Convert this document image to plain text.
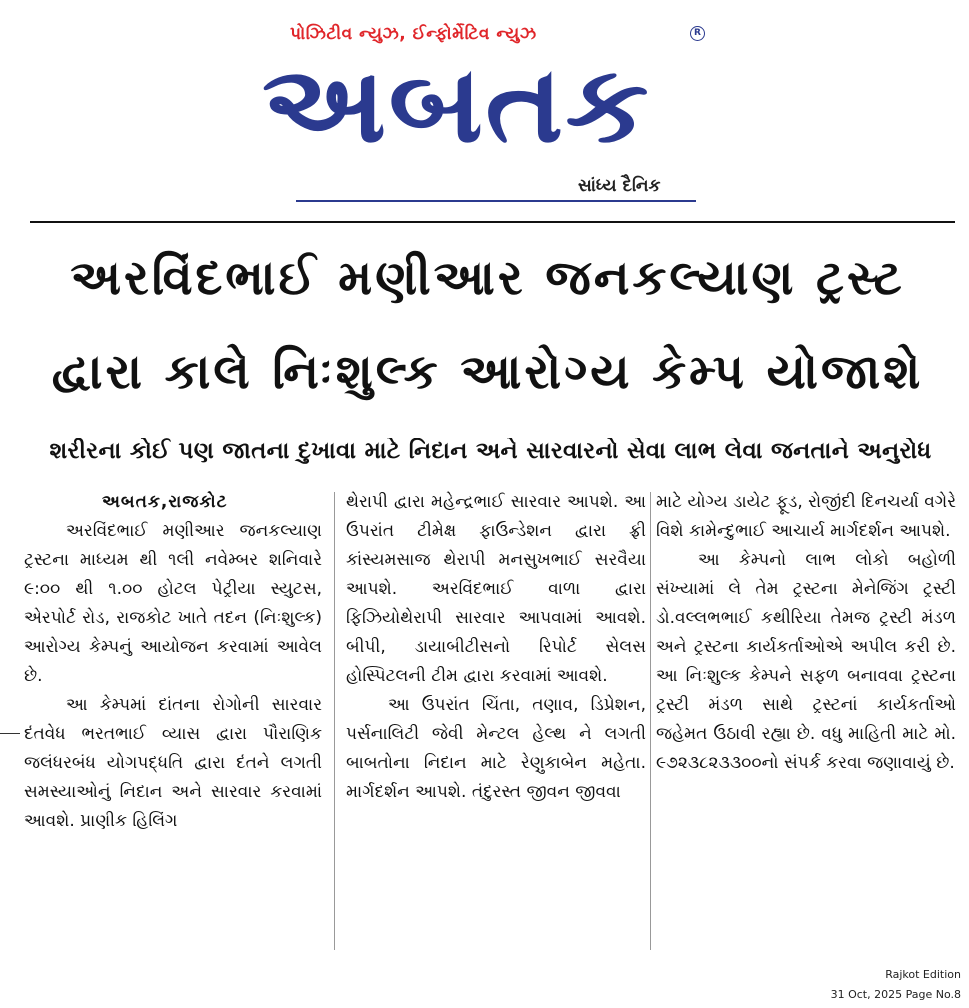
પોઝિટીવ ન્યુઝ, ઈન્ફોર્મેટિવ ન્યુઝ	R
અબતક
સાંધ્ય દૈનિક
અરવિંદભાઈ મણીઆર જનકલ્યાણ ટ્રસ્ટ
દ્વારા કાલે નિઃશુલ્ક આરોગ્ય કેમ્પ યોજાશે
શરીરના કોઈ પણ જાતના દુખાવા માટે નિદાન અને સારવારનો સેવા લાભ લેવા જનતાને અનુરોધ

અબતક,રાજકોટ

અરવિંદભાઈ મણીઆર જનકલ્યાણ ટ્રસ્ટના માધ્યમ થી ૧લી નવેમ્બર શનિવારે ૯:૦૦ થી ૧.૦૦ હોટલ પેટ્રીયા સ્યુટસ, એરપોર્ટ રોડ, રાજકોટ ખાતે તદન (નિઃશુલ્ક) આરોગ્ય કેમ્પનું આયોજન કરવામાં આવેલ છે.

આ કેમ્પમાં દાંતના રોગોની સારવાર દંતવેધ ભરતભાઈ વ્યાસ દ્વારા પૌરાણિક જલંધરબંધ યોગપદ્ધતિ દ્વારા દંતને લગતી સમસ્યાઓનું નિદાન અને સારવાર કરવામાં આવશે. પ્રાણીક હિલિંગ

થેરાપી દ્વારા મહેન્દ્રભાઈ સારવાર આપશે. આ ઉપરાંત ટીમેક્ષ ફાઉન્ડેશન દ્વારા ફ્રી કાંસ્યમસાજ થેરાપી મનસુખભાઈ સરવૈયા આપશે. અરવિંદભાઈ વાળા દ્વારા ફિઝિયોથેરાપી સારવાર આપવામાં આવશે. બીપી, ડાયાબીટીસનો રિપોર્ટ સેલસ હોસ્પિટલની ટીમ દ્વારા કરવામાં આવશે.

આ ઉપરાંત ચિંતા, તણાવ, ડિપ્રેશન, પર્સનાલિટી જેવી મેન્ટલ હેલ્થ ને લગતી બાબતોના નિદાન માટે રેણુકાબેન મહેતા. માર્ગદર્શન આપશે. તંદુરસ્ત જીવન જીવવા

માટે યોગ્ય ડાયેટ ફૂડ, રોજીંદી દિનચર્યા વગેરે વિશે કામેન્દુભાઈ આચાર્ય માર્ગદર્શન આપશે.

આ કેમ્પનો લાભ લોકો બહોળી સંખ્યામાં લે તેમ ટ્રસ્ટના મેનેજિંગ ટ્રસ્ટી ડો.વલ્લભભાઈ કથીરિયા તેમજ ટ્રસ્ટી મંડળ અને ટ્રસ્ટના કાર્યકર્તાઓએ અપીલ કરી છે. આ નિઃશુલ્ક કેમ્પને સફળ બનાવવા ટ્રસ્ટના ટ્રસ્ટી મંડળ સાથે ટ્રસ્ટનાં કાર્યકર્તાઓ જહેમત ઉઠાવી રહ્યા છે. વધુ માહિતી માટે મો. ૯૭૨૩૮૨૩૩૦૦નો સંપર્ક કરવા જણાવાયું છે.

Rajkot Edition
31 Oct, 2025 Page No.8
